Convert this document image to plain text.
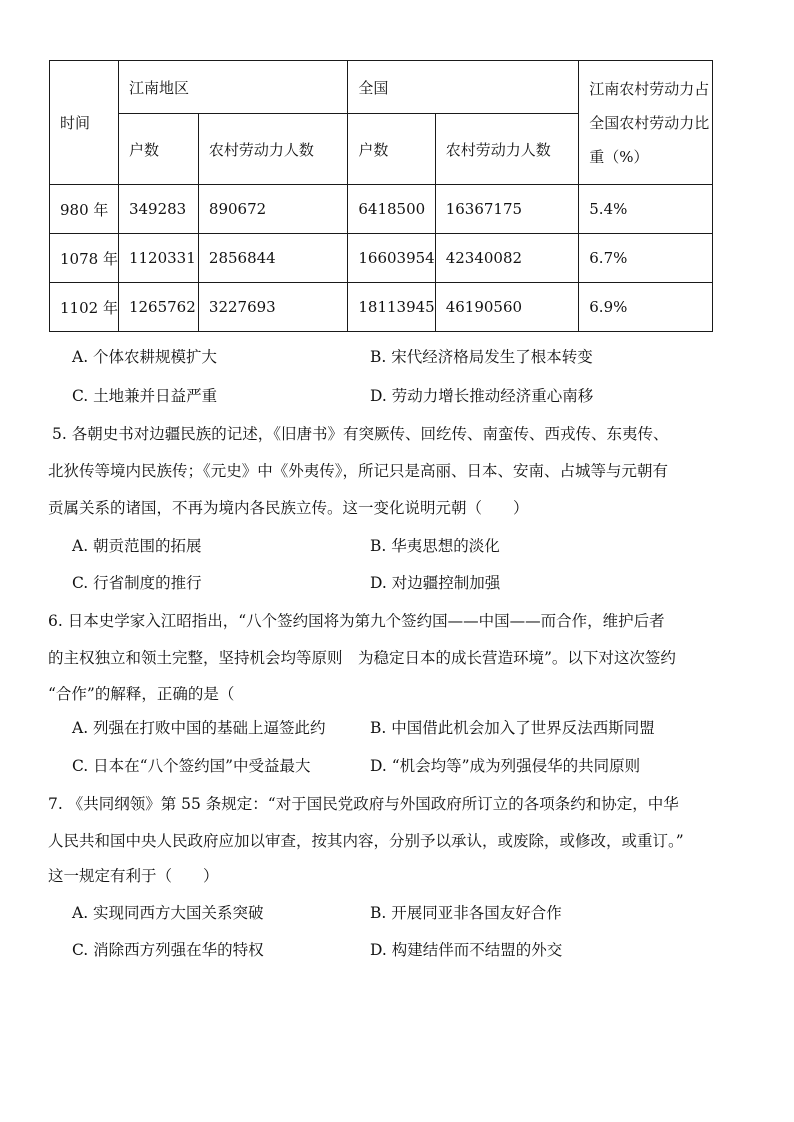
时间	江南地区		全国		江南农村劳动力占全国农村劳动力比重（%）
	户数	农村劳动力人数	户数	农村劳动力人数	
980 年	349283	890672	6418500	16367175	5.4%
1078 年	1120331	2856844	16603954	42340082	6.7%
1102 年	1265762	3227693	18113945	46190560	6.9%
A. 个体农耕规模扩大	B. 宋代经济格局发生了根本转变
C. 土地兼并日益严重	D. 劳动力增长推动经济重心南移
5. 各朝史书对边疆民族的记述，《旧唐书》有突厥传、回纥传、南蛮传、西戎传、东夷传、
北狄传等境内民族传；《元史》中《外夷传》，所记只是高丽、日本、安南、占城等与元朝有
贡属关系的诸国，不再为境内各民族立传。这一变化说明元朝（　　）
A. 朝贡范围的拓展	B. 华夷思想的淡化
C. 行省制度的推行	D. 对边疆控制加强
6. 日本史学家入江昭指出，“八个签约国将为第九个签约国——中国——而合作，维护后者
的主权独立和领土完整，坚持机会均等原则　为稳定日本的成长营造环境”。以下对这次签约
“合作”的解释，正确的是（
A. 列强在打败中国的基础上逼签此约	B. 中国借此机会加入了世界反法西斯同盟
C. 日本在“八个签约国”中受益最大	D. “机会均等”成为列强侵华的共同原则
7. 《共同纲领》第 55 条规定：“对于国民党政府与外国政府所订立的各项条约和协定，中华
人民共和国中央人民政府应加以审查，按其内容，分别予以承认，或废除，或修改，或重订。”
这一规定有利于（　　）
A. 实现同西方大国关系突破	B. 开展同亚非各国友好合作
C. 消除西方列强在华的特权	D. 构建结伴而不结盟的外交
